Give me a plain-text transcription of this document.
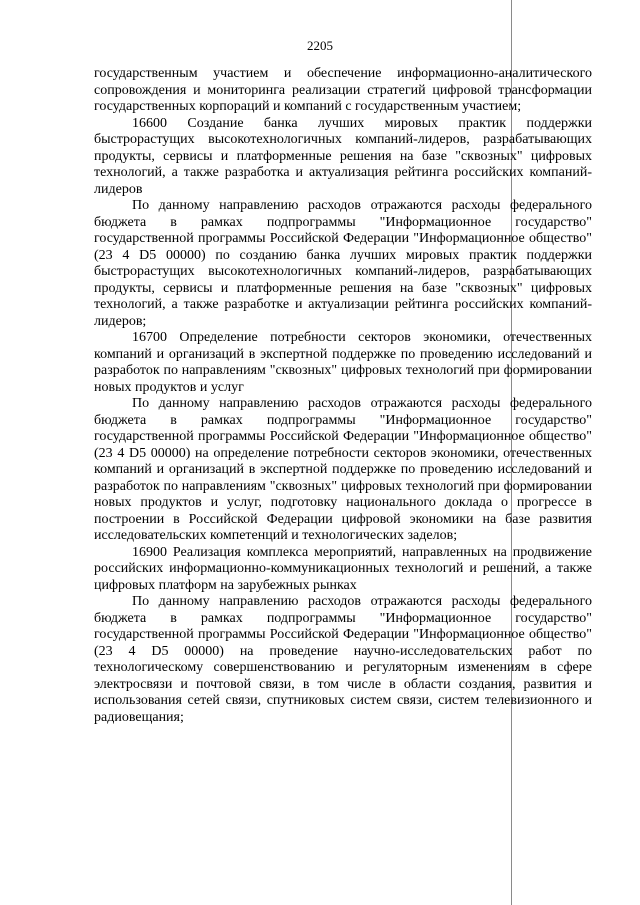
2205

государственным участием и обеспечение информационно-аналитического сопровождения и мониторинга реализации стратегий цифровой трансформации государственных корпораций и компаний с государственным участием;

16600 Создание банка лучших мировых практик поддержки быстрорастущих высокотехнологичных компаний-лидеров, разрабатывающих продукты, сервисы и платформенные решения на базе "сквозных" цифровых технологий, а также разработка и актуализация рейтинга российских компаний-лидеров

По данному направлению расходов отражаются расходы федерального бюджета в рамках подпрограммы "Информационное государство" государственной программы Российской Федерации "Информационное общество" (23 4 D5 00000) по созданию банка лучших мировых практик поддержки быстрорастущих высокотехнологичных компаний-лидеров, разрабатывающих продукты, сервисы и платформенные решения на базе "сквозных" цифровых технологий, а также разработке и актуализации рейтинга российских компаний-лидеров;

16700 Определение потребности секторов экономики, отечественных компаний и организаций в экспертной поддержке по проведению исследований и разработок по направлениям "сквозных" цифровых технологий при формировании новых продуктов и услуг

По данному направлению расходов отражаются расходы федерального бюджета в рамках подпрограммы "Информационное государство" государственной программы Российской Федерации "Информационное общество" (23 4 D5 00000) на определение потребности секторов экономики, отечественных компаний и организаций в экспертной поддержке по проведению исследований и разработок по направлениям "сквозных" цифровых технологий при формировании новых продуктов и услуг, подготовку национального доклада о прогрессе в построении в Российской Федерации цифровой экономики на базе развития исследовательских компетенций и технологических заделов;

16900 Реализация комплекса мероприятий, направленных на продвижение российских информационно-коммуникационных технологий и решений, а также цифровых платформ на зарубежных рынках

По данному направлению расходов отражаются расходы федерального бюджета в рамках подпрограммы "Информационное государство" государственной программы Российской Федерации "Информационное общество" (23 4 D5 00000) на проведение научно-исследовательских работ по технологическому совершенствованию и регуляторным изменениям в сфере электросвязи и почтовой связи, в том числе в области создания, развития и использования сетей связи, спутниковых систем связи, систем телевизионного и радиовещания;
